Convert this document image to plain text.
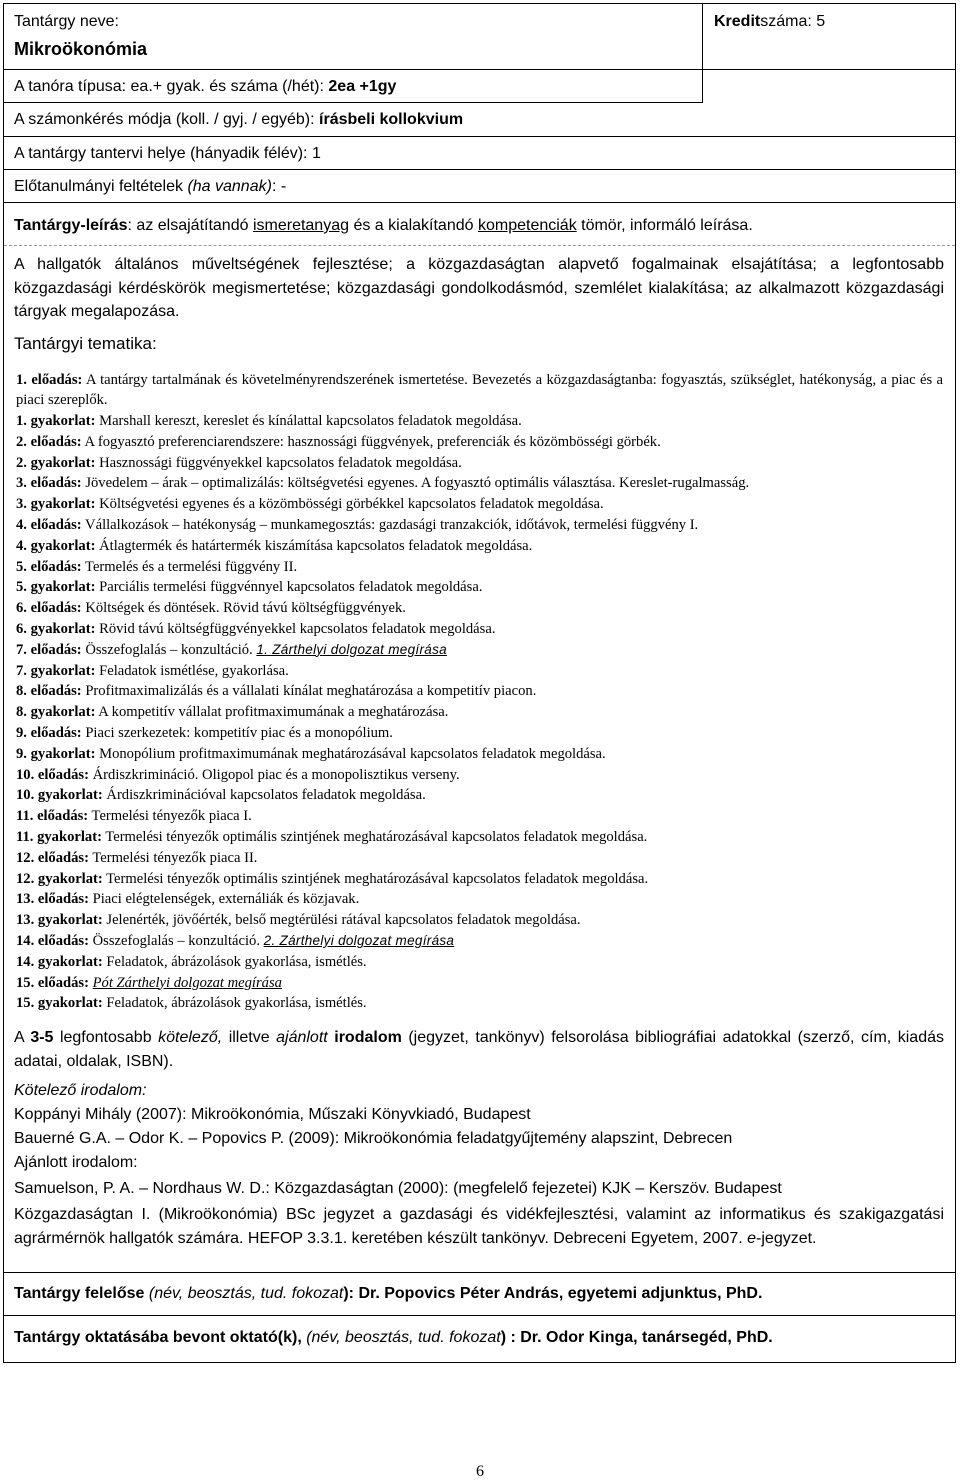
Tantárgy neve:
Mikroökonómia
Kreditszáma: 5
A tanóra típusa: ea.+ gyak. és száma (/hét): 2ea +1gy
A számonkérés módja (koll. / gyj. / egyéb): írásbeli kollokvium
A tantárgy tantervi helye (hányadik félév): 1
Előtanulmányi feltételek (ha vannak): -
Tantárgy-leírás: az elsajátítandó ismeretanyag és a kialakítandó kompetenciák tömör, informáló leírása.
A hallgatók általános műveltségének fejlesztése; a közgazdaságtan alapvető fogalmainak elsajátítása; a legfontosabb közgazdasági kérdéskörök megismertetése; közgazdasági gondolkodásmód, szemlélet kialakítása; az alkalmazott közgazdasági tárgyak megalapozása.
Tantárgyi tematika:
1. előadás: A tantárgy tartalmának és követelményrendszerének ismertetése. Bevezetés a közgazdaságtanba: fogyasztás, szükséglet, hatékonyság, a piac és a piaci szereplők.
1. gyakorlat: Marshall kereszt, kereslet és kínálattal kapcsolatos feladatok megoldása.
2. előadás: A fogyasztó preferenciarendszere: hasznossági függvények, preferenciák és közömbösségi görbék.
2. gyakorlat: Hasznossági függvényekkel kapcsolatos feladatok megoldása.
3. előadás: Jövedelem – árak – optimalizálás: költségvetési egyenes. A fogyasztó optimális választása. Kereslet-rugalmasság.
3. gyakorlat: Költségvetési egyenes és a közömbösségi görbékkel kapcsolatos feladatok megoldása.
4. előadás: Vállalkozások – hatékonyság – munkamegosztás: gazdasági tranzakciók, időtávok, termelési függvény I.
4. gyakorlat: Átlagtermék és határtermék kiszámítása kapcsolatos feladatok megoldása.
5. előadás: Termelés és a termelési függvény II.
5. gyakorlat: Parciális termelési függvénnyel kapcsolatos feladatok megoldása.
6. előadás: Költségek és döntések. Rövid távú költségfüggvények.
6. gyakorlat: Rövid távú költségfüggvényekkel kapcsolatos feladatok megoldása.
7. előadás: Összefoglalás – konzultáció. 1. Zárthelyi dolgozat megírása
7. gyakorlat: Feladatok ismétlése, gyakorlása.
8. előadás: Profitmaximalizálás és a vállalati kínálat meghatározása a kompetitív piacon.
8. gyakorlat: A kompetitív vállalat profitmaximumának a meghatározása.
9. előadás: Piaci szerkezetek: kompetitív piac és a monopólium.
9. gyakorlat: Monopólium profitmaximumának meghatározásával kapcsolatos feladatok megoldása.
10. előadás: Árdiszkrimináció. Oligopol piac és a monopolisztikus verseny.
10. gyakorlat: Árdiszkriminációval kapcsolatos feladatok megoldása.
11. előadás: Termelési tényezők piaca I.
11. gyakorlat: Termelési tényezők optimális szintjének meghatározásával kapcsolatos feladatok megoldása.
12. előadás: Termelési tényezők piaca II.
12. gyakorlat: Termelési tényezők optimális szintjének meghatározásával kapcsolatos feladatok megoldása.
13. előadás: Piaci elégtelenségek, externáliák és közjavak.
13. gyakorlat: Jelenérték, jövőérték, belső megtérülési rátával kapcsolatos feladatok megoldása.
14. előadás: Összefoglalás – konzultáció. 2. Zárthelyi dolgozat megírása
14. gyakorlat: Feladatok, ábrázolások gyakorlása, ismétlés.
15. előadás: Pót Zárthelyi dolgozat megírása
15. gyakorlat: Feladatok, ábrázolások gyakorlása, ismétlés.
A 3-5 legfontosabb kötelező, illetve ajánlott irodalom (jegyzet, tankönyv) felsorolása bibliográfiai adatokkal (szerző, cím, kiadás adatai, oldalak, ISBN).
Kötelező irodalom:
Koppányi Mihály (2007): Mikroökonómia, Műszaki Könyvkiadó, Budapest
Bauerné G.A. – Odor K. – Popovics P. (2009): Mikroökonómia feladatgyűjtemény alapszint, Debrecen
Ajánlott irodalom:
Samuelson, P. A. – Nordhaus W. D.: Közgazdaságtan (2000): (megfelelő fejezetei) KJK – Kerszöv. Budapest
Közgazdaságtan I. (Mikroökonómia) BSc jegyzet a gazdasági és vidékfejlesztési, valamint az informatikus és szakigazgatási agrármérnök hallgatók számára. HEFOP 3.3.1. keretében készült tankönyv. Debreceni Egyetem, 2007. e-jegyzet.
Tantárgy felelőse (név, beosztás, tud. fokozat): Dr. Popovics Péter András, egyetemi adjunktus, PhD.
Tantárgy oktatásába bevont oktató(k), (név, beosztás, tud. fokozat) : Dr. Odor Kinga, tanársegéd, PhD.
6
